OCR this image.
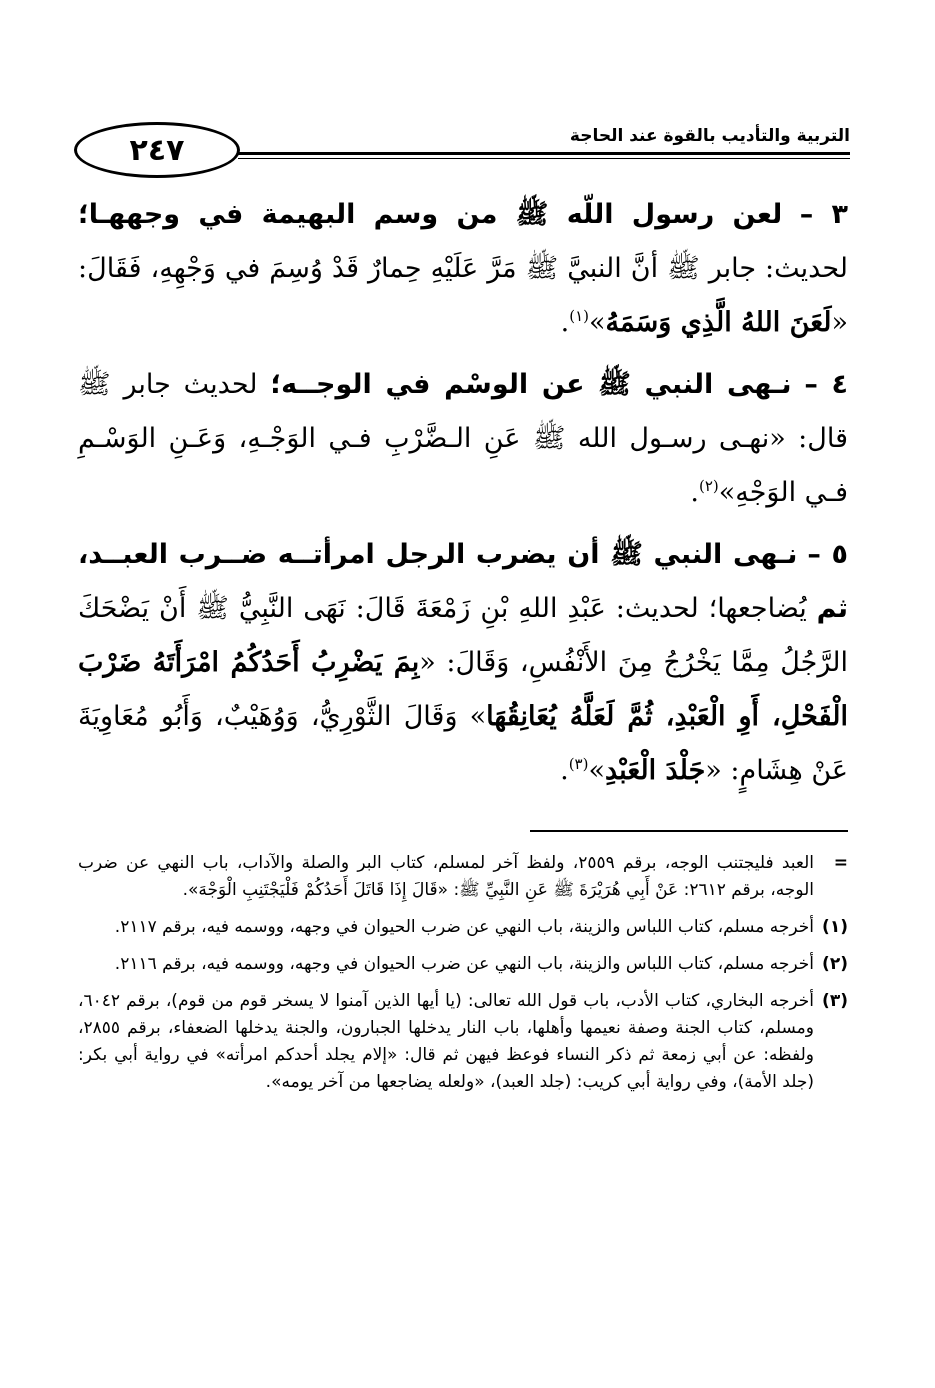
٢٤٧	التربية والتأديب بالقوة عند الحاجة

٣ – لعن رسول اللّه ﷺ من وسم البهيمة في وجههـا؛ لحديث: جابر ﷺ أنَّ النبيَّ ﷺ مَرَّ عَلَيْهِ حِمارٌ قَدْ وُسِمَ في وَجْهِهِ، فَقَالَ: «لَعَنَ اللهُ الَّذِي وَسَمَهُ»$^{(١)}$.

٤ – نـهى النبي ﷺ عن الوسْم في الوجــه؛ لحديث جابر ﷺ قال: «نهـى رسـول الله ﷺ عَنِ الـضَّرْبِ فـي الوَجْـهِ، وَعَـنِ الوَسْـمِ فـي الوَجْهِ»$^{(٢)}$.

٥ – نـهى النبي ﷺ أن يضرب الرجل امرأتــه ضــرب العبــد، ثم يُضاجعها؛ لحديث: عَبْدِ اللهِ بْنِ زَمْعَةَ قَالَ: نَهَى النَّبِيُّ ﷺ أَنْ يَضْحَكَ الرَّجُلُ مِمَّا يَخْرُجُ مِنَ الأَنْفُسِ، وَقَالَ: «بِمَ يَضْرِبُ أَحَدُكُمُ امْرَأَتَهُ ضَرْبَ الْفَحْلِ، أَوِ الْعَبْدِ، ثُمَّ لَعَلَّهُ يُعَانِقُهَا» وَقَالَ الثَّوْرِيُّ، وَوُهَيْبٌ، وَأَبُو مُعَاوِيَةَ عَنْ هِشَامٍ: «جَلْدَ الْعَبْدِ»$^{(٣)}$.

=
العبد فليجتنب الوجه، برقم ٢٥٥٩، ولفظ آخر لمسلم، كتاب البر والصلة والآداب، باب النهي عن ضرب الوجه، برقم ٢٦١٢: عَنْ أَبِي هُرَيْرَةَ ﷺ عَنِ النَّبِيِّ ﷺ: «قَالَ إِذَا قَاتَلَ أَحَدُكُمْ فَلْيَجْتَنِبِ الْوَجْهَ».
(١)
أخرجه مسلم، كتاب اللباس والزينة، باب النهي عن ضرب الحيوان في وجهه، ووسمه فيه، برقم ٢١١٧.
(٢)
أخرجه مسلم، كتاب اللباس والزينة، باب النهي عن ضرب الحيوان في وجهه، ووسمه فيه، برقم ٢١١٦.
(٣)
أخرجه البخاري، كتاب الأدب، باب قول الله تعالى: (يا أيها الذين آمنوا لا يسخر قوم من قوم)، برقم ٦٠٤٢، ومسلم، كتاب الجنة وصفة نعيمها وأهلها، باب النار يدخلها الجبارون، والجنة يدخلها الضعفاء، برقم ٢٨٥٥، ولفظه: عن أبي زمعة ثم ذكر النساء فوعظ فيهن ثم قال: «إلام يجلد أحدكم امرأته» في رواية أبي بكر: (جلد الأمة)، وفي رواية أبي كريب: (جلد العبد)، «ولعله يضاجعها من آخر يومه».
